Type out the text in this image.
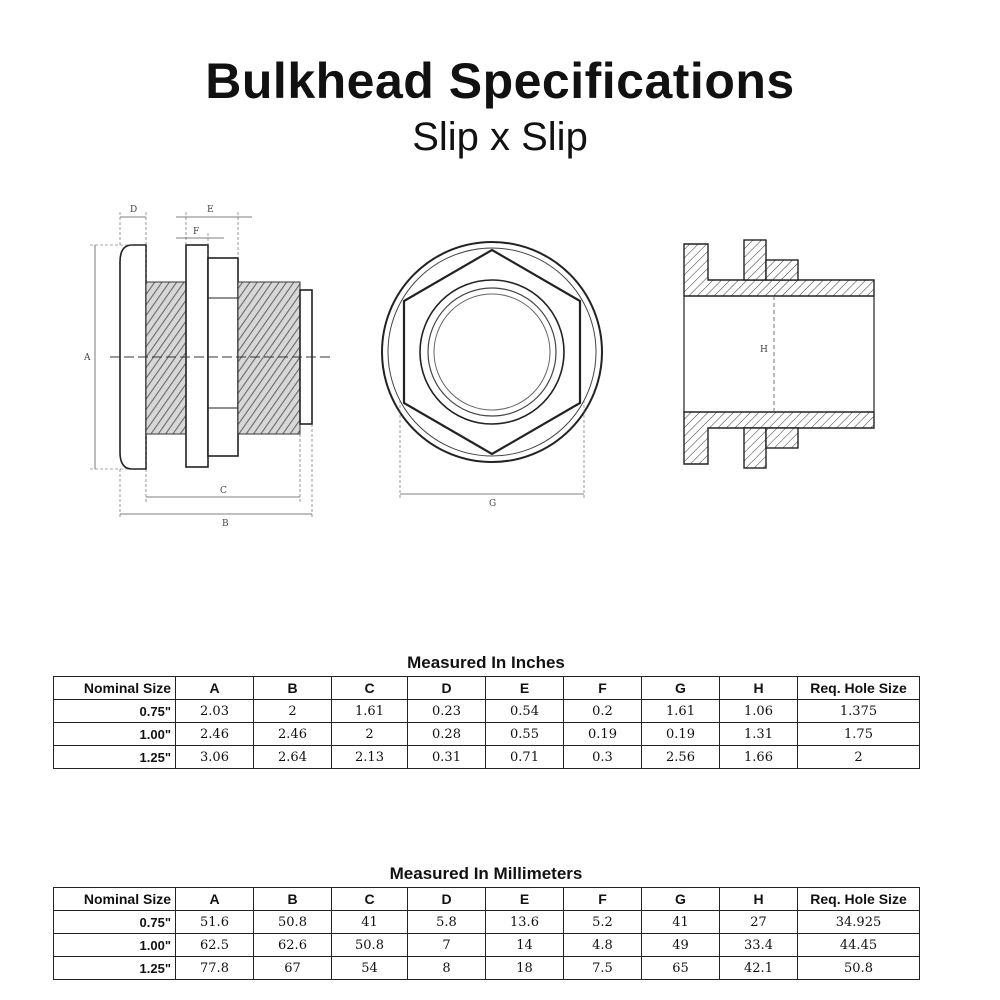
Bulkhead Specifications
Slip x Slip
A
D	E
F
C
B
G
H
Measured In Inches
Nominal Size	A	B	C	D	E	F	G	H	Req. Hole Size
0.75"	2.03	2	1.61	0.23	0.54	0.2	1.61	1.06	1.375
1.00"	2.46	2.46	2	0.28	0.55	0.19	0.19	1.31	1.75
1.25"	3.06	2.64	2.13	0.31	0.71	0.3	2.56	1.66	2
Measured In Millimeters
Nominal Size	A	B	C	D	E	F	G	H	Req. Hole Size
0.75"	51.6	50.8	41	5.8	13.6	5.2	41	27	34.925
1.00"	62.5	62.6	50.8	7	14	4.8	49	33.4	44.45
1.25"	77.8	67	54	8	18	7.5	65	42.1	50.8
